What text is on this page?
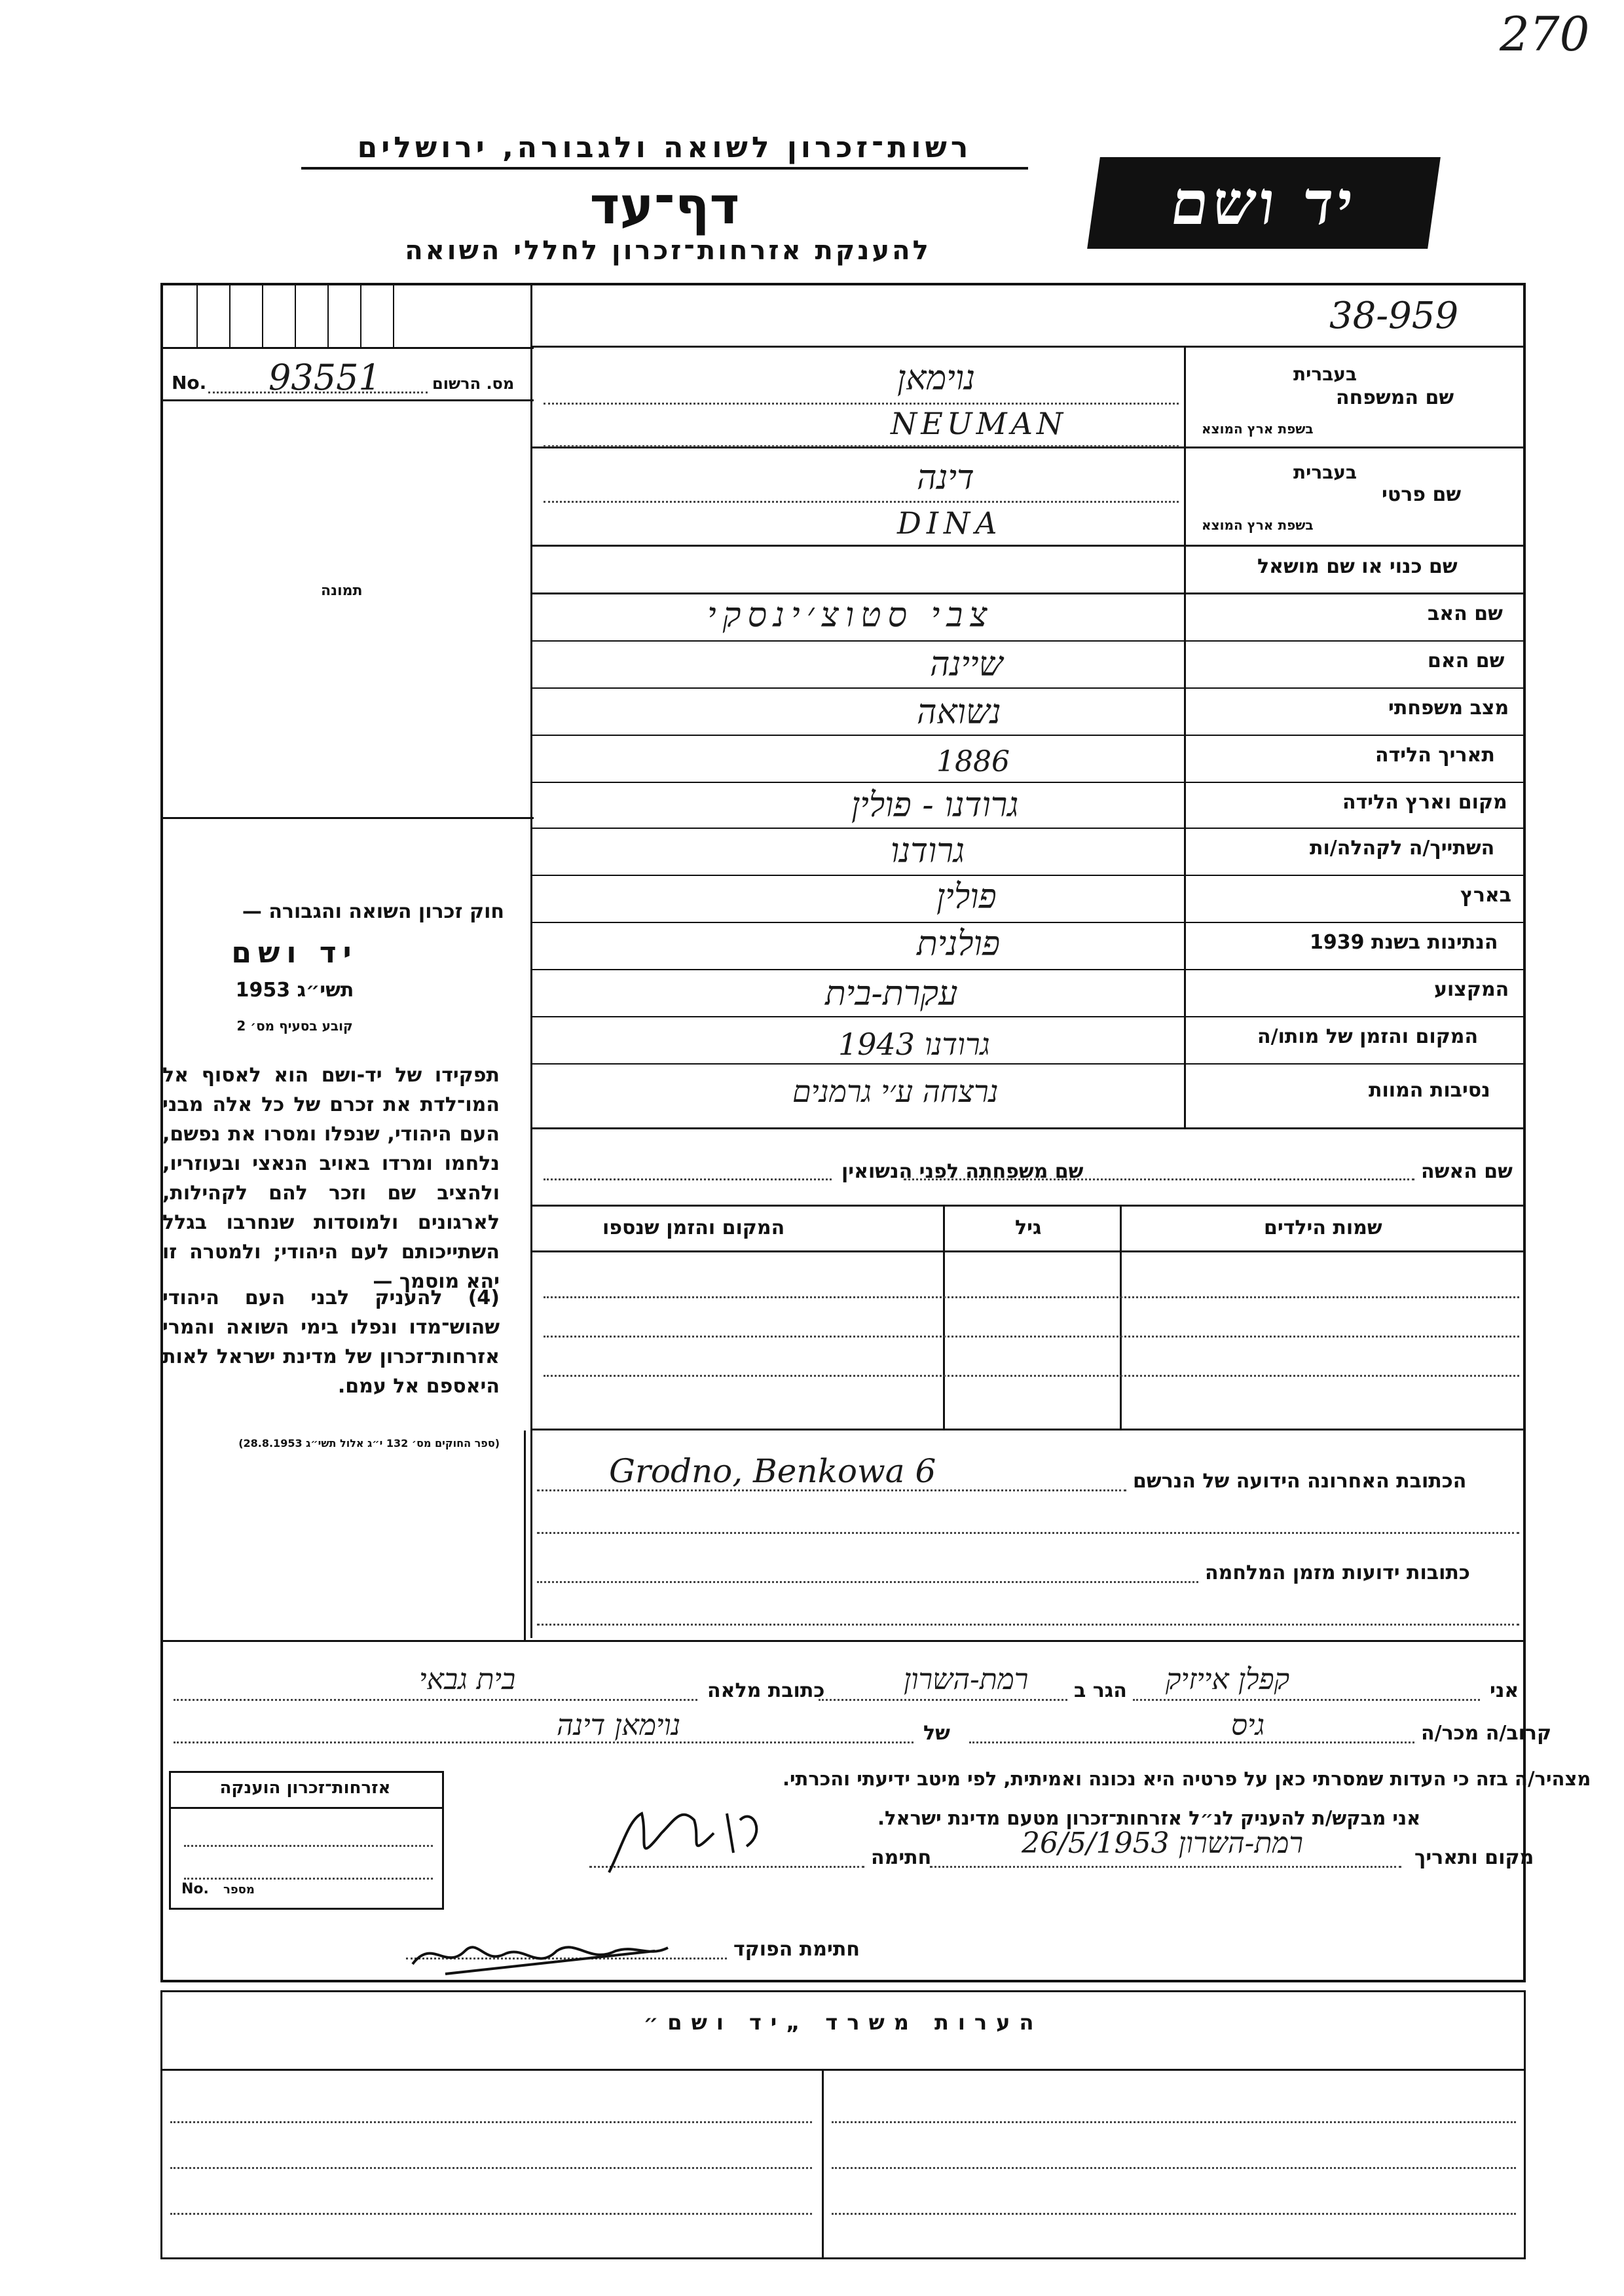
270
רשות־זכרון לשואה ולגבורה, ירושלים
דף־עד
להענקת אזרחות־זכרון לחללי השואה
יד ושם
38-959
No. 93551	מס. הרשום
תמונה
שם המשפחה
בעברית
בשפת ארץ המוצא
שם פרטי
בעברית
בשפת ארץ המוצא
נוימאן
NEUMAN
דינה
DINA
שם כנוי או שם מושאל
שם האב
שם האם
מצב משפחתי
תאריך הלידה
מקום וארץ הלידה
השתייך/ה לקהלה/ות
בארץ
הנתינות בשנת 1939
המקצוע
המקום והזמן של מותו/ה
נסיבות המוות
צבי סטוצ׳ינסקי
שיינה
נשואה
1886
גרודנו - פולין
גרודנו
פולין
פולנית
עקרת-בית
גרודנו 1943
נרצחה ע׳י גרמנים
שם האשה
שם משפחתה לפני הנשואין
שמות הילדים
גיל
המקום והזמן שנספו
הכתובת האחרונה הידועה של הנרשם
Grodno, Benkowa 6
כתובות ידועות מזמן המלחמה
חוק זכרון השואה והגבורה —
יד ושם
תשי״ג 1953
קובע בסעיף מס׳ 2
תפקידו של יד-ושם הוא לאסוף אל המו־לדת את זכרם של כל אלה מבני העם היהודי, שנפלו ומסרו את נפשם, נלחמו ומרדו באויב הנאצי ובעוזריו, ולהציב שם וזכר להם לקהילות, לארגונים ולמוסדות שנחרבו בגלל השתייכותם לעם היהודי; ולמטרה זו יהא מוסמך —
(4) להעניק לבני העם היהודי שהוש־מדו ונפלו בימי השואה והמרי אזרחות־זכרון של מדינת ישראל לאות היאספם אל עמם.
(ספר החוקים מס׳ 132 י״ג אלול תשי״ג 28.8.1953)
אני
קפלן אייזיק
הגר ב
רמת-השרון
כתובת מלאה
בית גבאי
קרוב/ה מכר/ה
גיס
של
נוימאן דינה
מצהיר/ה בזה כי העדות שמסרתי כאן על פרטיה היא נכונה ואמיתית, לפי מיטב ידיעתי והכרתי.
אני מבקש/ת להעניק לנ״ל אזרחות־זכרון מטעם מדינת ישראל.
מקום ותאריך
רמת-השרון 26/5/1953
חתימה
חתימת הפוקד
אזרחות־זכרון הוענקה
No. מספר
הערות משרד „יד ושם״
